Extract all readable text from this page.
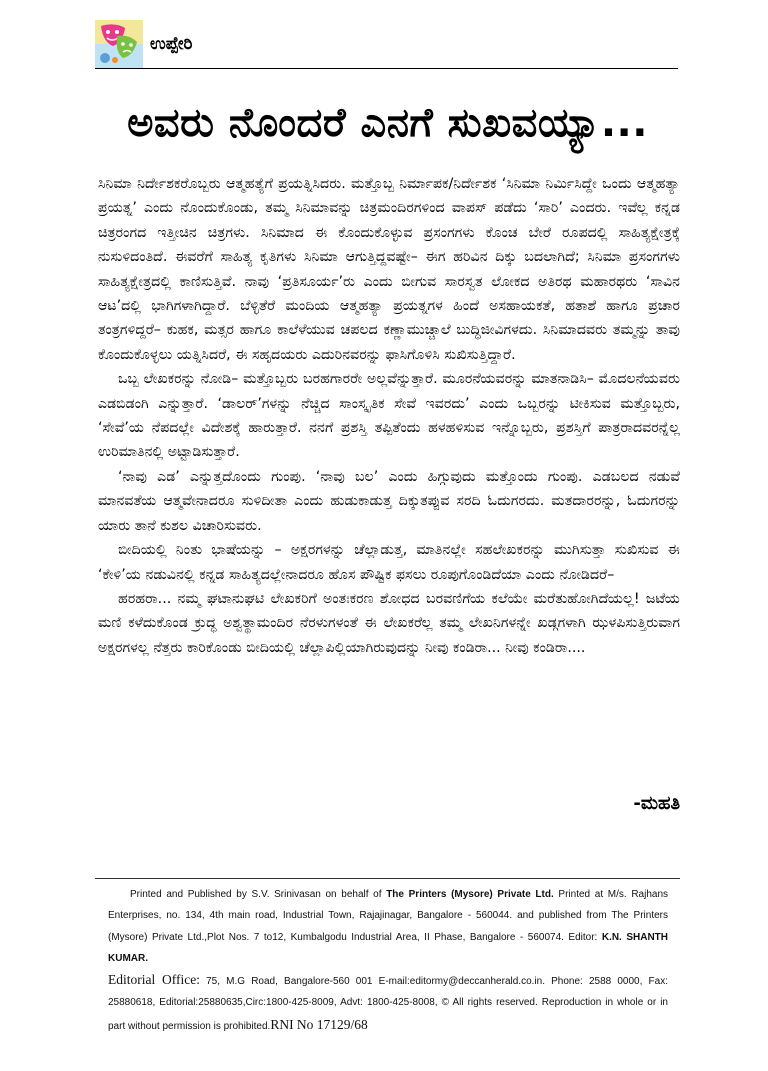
ಉಪ್ಪೇರಿ
ಅವರು ನೊಂದರೆ ಎನಗೆ ಸುಖವಯ್ಯಾ...

ಸಿನಿಮಾ ನಿರ್ದೇಶಕರೊಬ್ಬರು ಆತ್ಮಹತ್ಯೆಗೆ ಪ್ರಯತ್ನಿಸಿದರು. ಮತ್ತೊಬ್ಬ ನಿರ್ಮಾಪಕ/ನಿರ್ದೇಶಕ ‘ಸಿನಿಮಾ ನಿರ್ಮಿಸಿದ್ದೇ ಒಂದು ಆತ್ಮಹತ್ಯಾ ಪ್ರಯತ್ನ’ ಎಂದು ನೊಂದುಕೊಂಡು, ತಮ್ಮ ಸಿನಿಮಾವನ್ನು ಚಿತ್ರಮಂದಿರಗಳಿಂದ ವಾಪಸ್ ಪಡೆದು ‘ಸಾರಿ’ ಎಂದರು. ಇವೆಲ್ಲ ಕನ್ನಡ ಚಿತ್ರರಂಗದ ಇತ್ತೀಚಿನ ಚಿತ್ರಗಳು. ಸಿನಿಮಾದ ಈ ಕೊಂದುಕೊಳ್ಳುವ ಪ್ರಸಂಗಗಳು ಕೊಂಚ ಬೇರೆ ರೂಪದಲ್ಲಿ ಸಾಹಿತ್ಯಕ್ಷೇತ್ರಕ್ಕೆ ನುಸುಳಿದಂತಿದೆ. ಈವರೆಗೆ ಸಾಹಿತ್ಯ ಕೃತಿಗಳು ಸಿನಿಮಾ ಆಗುತ್ತಿದ್ದವಷ್ಟೇ– ಈಗ ಹರಿವಿನ ದಿಕ್ಕು ಬದಲಾಗಿದೆ; ಸಿನಿಮಾ ಪ್ರಸಂಗಗಳು ಸಾಹಿತ್ಯಕ್ಷೇತ್ರದಲ್ಲಿ ಕಾಣಿಸುತ್ತಿವೆ. ನಾವು ‘ಪ್ರತಿಸೂರ್ಯ’ರು ಎಂದು ಬೀಗುವ ಸಾರಸ್ವತ ಲೋಕದ ಅತಿರಥ ಮಹಾರಥರು ‘ಸಾವಿನ ಆಟ’ದಲ್ಲಿ ಭಾಗಿಗಳಾಗಿದ್ದಾರೆ. ಬೆಳ್ಳಿತೆರೆ ಮಂದಿಯ ಆತ್ಮಹತ್ಯಾ ಪ್ರಯತ್ನಗಳ ಹಿಂದೆ ಅಸಹಾಯಕತೆ, ಹತಾಶೆ ಹಾಗೂ ಪ್ರಚಾರ ತಂತ್ರಗಳಿದ್ದರೆ– ಕುಹಕ, ಮತ್ಸರ ಹಾಗೂ ಕಾಲೆಳೆಯುವ ಚಪಲದ ಕಣ್ಣಾಮುಚ್ಚಾಲೆ ಬುದ್ಧಿಜೀವಿಗಳದು. ಸಿನಿಮಾದವರು ತಮ್ಮನ್ನು ತಾವು ಕೊಂದುಕೊಳ್ಳಲು ಯತ್ನಿಸಿದರೆ, ಈ ಸಹೃದಯರು ಎದುರಿನವರನ್ನು ಫಾಸಿಗೊಳಿಸಿ ಸುಖಿಸುತ್ತಿದ್ದಾರೆ.

ಒಬ್ಬ ಲೇಖಕರನ್ನು ನೋಡಿ– ಮತ್ತೊಬ್ಬರು ಬರಹಗಾರರೇ ಅಲ್ಲವೆನ್ನುತ್ತಾರೆ. ಮೂರನೆಯವರನ್ನು ಮಾತನಾಡಿಸಿ– ಮೊದಲನೆಯವರು ಎಡಬಿಡಂಗಿ ಎನ್ನುತ್ತಾರೆ. ‘ಡಾಲರ್’ಗಳನ್ನು ನೆಚ್ಚಿದ ಸಾಂಸ್ಕೃತಿಕ ಸೇವೆ ಇವರದು’ ಎಂದು ಒಬ್ಬರನ್ನು ಟೀಕಿಸುವ ಮತ್ತೊಬ್ಬರು, ‘ಸೇವೆ’ಯ ನೆಪದಲ್ಲೇ ವಿದೇಶಕ್ಕೆ ಹಾರುತ್ತಾರೆ. ನನಗೆ ಪ್ರಶಸ್ತಿ ತಪ್ಪಿತೆಂದು ಹಳಹಳಿಸುವ ಇನ್ನೊಬ್ಬರು, ಪ್ರಶಸ್ತಿಗೆ ಪಾತ್ರರಾದವರನ್ನೆಲ್ಲ ಉರಿಮಾತಿನಲ್ಲಿ ಅಟ್ಟಾಡಿಸುತ್ತಾರೆ.

‘ನಾವು ಎಡ’ ಎನ್ನುತ್ತದೊಂದು ಗುಂಪು. ‘ನಾವು ಬಲ’ ಎಂದು ಹಿಗ್ಗುವುದು ಮತ್ತೊಂದು ಗುಂಪು. ಎಡಬಲದ ನಡುವೆ ಮಾನವತೆಯ ಆತ್ಮವೇನಾದರೂ ಸುಳಿದೀತಾ ಎಂದು ಹುಡುಕಾಡುತ್ತ ದಿಕ್ಕುತಪ್ಪುವ ಸರದಿ ಓದುಗರದು. ಮತದಾರರನ್ನು, ಓದುಗರನ್ನು ಯಾರು ತಾನೆ ಕುಶಲ ವಿಚಾರಿಸುವರು.

ಬೀದಿಯಲ್ಲಿ ನಿಂತು ಭಾಷೆಯನ್ನು – ಅಕ್ಷರಗಳನ್ನು ಚೆಲ್ಲಾಡುತ್ತ, ಮಾತಿನಲ್ಲೇ ಸಹಲೇಖಕರನ್ನು ಮುಗಿಸುತ್ತಾ ಸುಖಿಸುವ ಈ ‘ಕೇಳಿ’ಯ ನಡುವಿನಲ್ಲಿ ಕನ್ನಡ ಸಾಹಿತ್ಯದಲ್ಲೇನಾದರೂ ಹೊಸ ಪೌಷ್ಟಿಕ ಫಸಲು ರೂಪುಗೊಂಡಿದೆಯಾ ಎಂದು ನೋಡಿದರೆ–

ಹರಹರಾ... ನಮ್ಮ ಘಟಾನುಘಟಿ ಲೇಖಕರಿಗೆ ಅಂತಃಕರಣ ಶೋಧದ ಬರವಣಿಗೆಯ ಕಲೆಯೇ ಮರೆತುಹೋಗಿದೆಯಲ್ಲ! ಜಟೆಯ ಮಣಿ ಕಳೆದುಕೊಂಡ ಕ್ರುದ್ಧ ಅಶ್ವತ್ಥಾಮಂದಿರ ನೆರಳುಗಳಂತೆ ಈ ಲೇಖಕರೆಲ್ಲ ತಮ್ಮ ಲೇಖನಿಗಳನ್ನೇ ಖಡ್ಗಗಳಾಗಿ ಝಳಪಿಸುತ್ತಿರುವಾಗ ಅಕ್ಷರಗಳಲ್ಲ ನೆತ್ತರು ಕಾರಿಕೊಂಡು ಬೀದಿಯಲ್ಲಿ ಚೆಲ್ಲಾಪಿಲ್ಲಿಯಾಗಿರುವುದನ್ನು ನೀವು ಕಂಡಿರಾ... ನೀವು ಕಂಡಿರಾ....

-ಮಹತಿ
Printed and Published by S.V. Srinivasan on behalf of The Printers (Mysore) Private Ltd. Printed at M/s. Rajhans Enterprises, no. 134, 4th main road, Industrial Town, Rajajinagar, Bangalore - 560044. and published from The Printers (Mysore) Private Ltd.,Plot Nos. 7 to12, Kumbalgodu Industrial Area, II Phase, Bangalore - 560074. Editor: K.N. SHANTH KUMAR.
Editorial Office: 75, M.G Road, Bangalore-560 001 E-mail:editormy@deccanherald.co.in. Phone: 2588 0000, Fax: 25880618, Editorial:25880635,Circ:1800-425-8009, Advt: 1800-425-8008, © All rights reserved. Reproduction in whole or in part without permission is prohibited.RNI No 17129/68
